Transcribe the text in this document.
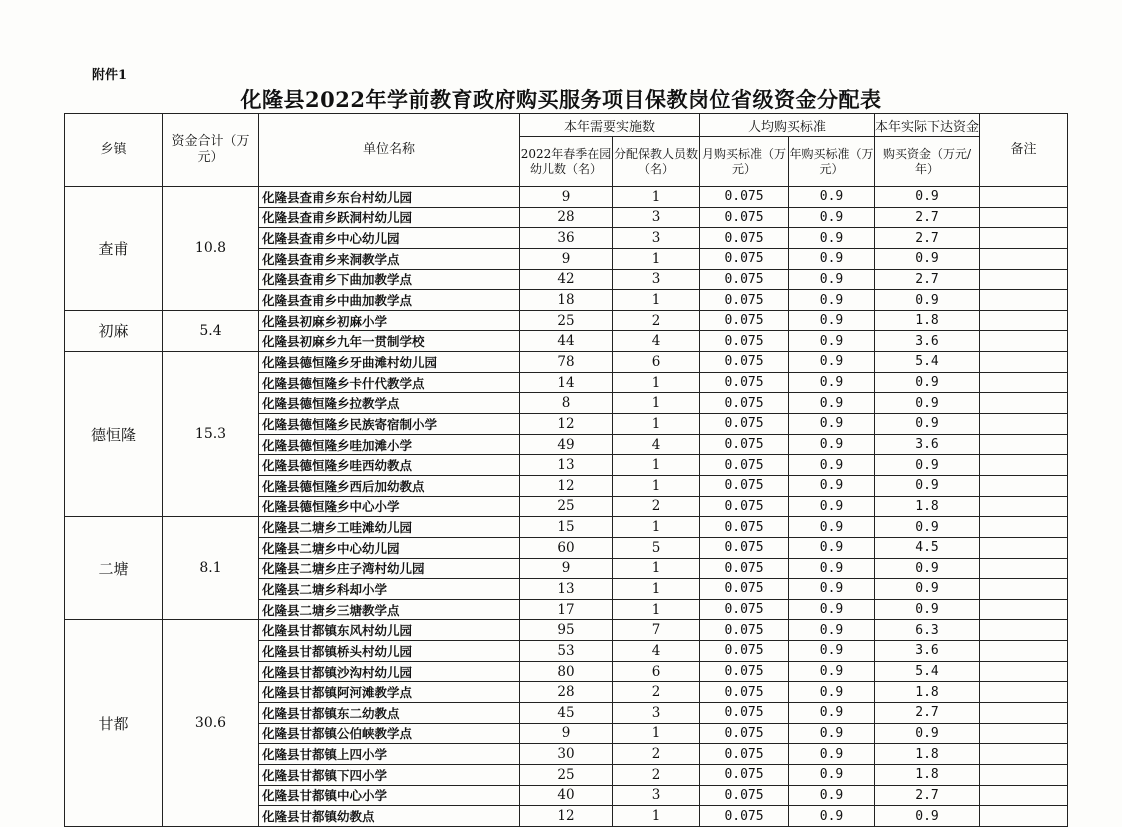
附件1
化隆县2022年学前教育政府购买服务项目保教岗位省级资金分配表
乡镇	资金合计（万元）	单位名称	本年需要实施数		人均购买标准		本年实际下达资金	备注
			2022年春季在园幼儿数（名）	分配保教人员数（名）	月购买标准（万元）	年购买标准（万元）	购买资金（万元/年）	
查甫	10.8	化隆县查甫乡东台村幼儿园	9	1	0.075	0.9	0.9	
		化隆县查甫乡跃洞村幼儿园	28	3	0.075	0.9	2.7	
		化隆县查甫乡中心幼儿园	36	3	0.075	0.9	2.7	
		化隆县查甫乡来洞教学点	9	1	0.075	0.9	0.9	
		化隆县查甫乡下曲加教学点	42	3	0.075	0.9	2.7	
		化隆县查甫乡中曲加教学点	18	1	0.075	0.9	0.9	
初麻	5.4	化隆县初麻乡初麻小学	25	2	0.075	0.9	1.8	
		化隆县初麻乡九年一贯制学校	44	4	0.075	0.9	3.6	
德恒隆	15.3	化隆县德恒隆乡牙曲滩村幼儿园	78	6	0.075	0.9	5.4	
		化隆县德恒隆乡卡什代教学点	14	1	0.075	0.9	0.9	
		化隆县德恒隆乡拉教学点	8	1	0.075	0.9	0.9	
		化隆县德恒隆乡民族寄宿制小学	12	1	0.075	0.9	0.9	
		化隆县德恒隆乡哇加滩小学	49	4	0.075	0.9	3.6	
		化隆县德恒隆乡哇西幼教点	13	1	0.075	0.9	0.9	
		化隆县德恒隆乡西后加幼教点	12	1	0.075	0.9	0.9	
		化隆县德恒隆乡中心小学	25	2	0.075	0.9	1.8	
二塘	8.1	化隆县二塘乡工哇滩幼儿园	15	1	0.075	0.9	0.9	
		化隆县二塘乡中心幼儿园	60	5	0.075	0.9	4.5	
		化隆县二塘乡庄子湾村幼儿园	9	1	0.075	0.9	0.9	
		化隆县二塘乡科却小学	13	1	0.075	0.9	0.9	
		化隆县二塘乡三塘教学点	17	1	0.075	0.9	0.9	
甘都	30.6	化隆县甘都镇东风村幼儿园	95	7	0.075	0.9	6.3	
		化隆县甘都镇桥头村幼儿园	53	4	0.075	0.9	3.6	
		化隆县甘都镇沙沟村幼儿园	80	6	0.075	0.9	5.4	
		化隆县甘都镇阿河滩教学点	28	2	0.075	0.9	1.8	
		化隆县甘都镇东二幼教点	45	3	0.075	0.9	2.7	
		化隆县甘都镇公伯峡教学点	9	1	0.075	0.9	0.9	
		化隆县甘都镇上四小学	30	2	0.075	0.9	1.8	
		化隆县甘都镇下四小学	25	2	0.075	0.9	1.8	
		化隆县甘都镇中心小学	40	3	0.075	0.9	2.7	
		化隆县甘都镇幼教点	12	1	0.075	0.9	0.9	
